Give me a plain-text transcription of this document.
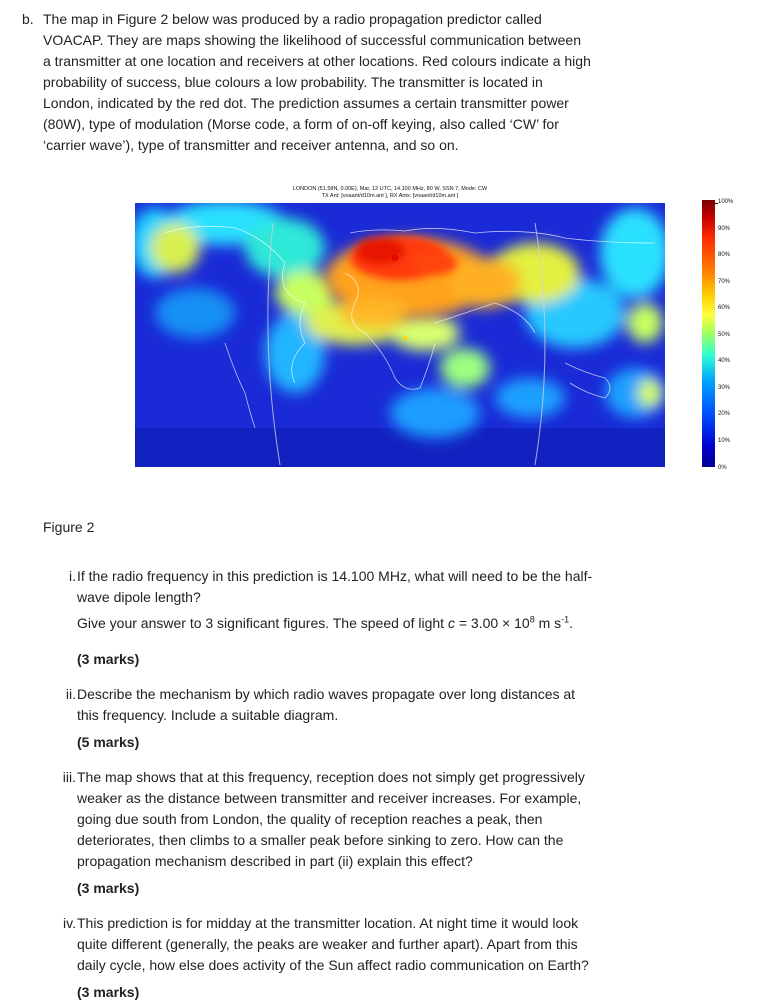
b. The map in Figure 2 below was produced by a radio propagation predictor called VOACAP. They are maps showing the likelihood of successful communication between a transmitter at one location and receivers at other locations. Red colours indicate a high probability of success, blue colours a low probability. The transmitter is located in London, indicated by the red dot. The prediction assumes a certain transmitter power (80W), type of modulation (Morse code, a form of on-off keying, also called ‘CW’ for ‘carrier wave’), type of transmitter and receiver antenna, and so on.
LONDON (51.58N, 0.00E), Mar, 12 UTC, 14.100 MHz, 80 W, SSN 7, Mode: CW
TX Ant: [voaant/d10m.ant ], RX Ants: [voaant/d10m.ant ]
100%
90%
80%
70%
60%
50%
40%
30%
20%
10%
0%
Figure 2
i. If the radio frequency in this prediction is 14.100 MHz, what will need to be the half-wave dipole length?

Give your answer to 3 significant figures. The speed of light $c = 3.00 \times 10^8$ m $s^{-1}$.

(3 marks)

ii. Describe the mechanism by which radio waves propagate over long distances at this frequency. Include a suitable diagram.

(5 marks)

iii. The map shows that at this frequency, reception does not simply get progressively weaker as the distance between transmitter and receiver increases. For example, going due south from London, the quality of reception reaches a peak, then deteriorates, then climbs to a smaller peak before sinking to zero. How can the propagation mechanism described in part (ii) explain this effect?

(3 marks)

iv. This prediction is for midday at the transmitter location. At night time it would look quite different (generally, the peaks are weaker and further apart). Apart from this daily cycle, how else does activity of the Sun affect radio communication on Earth?

(3 marks)
